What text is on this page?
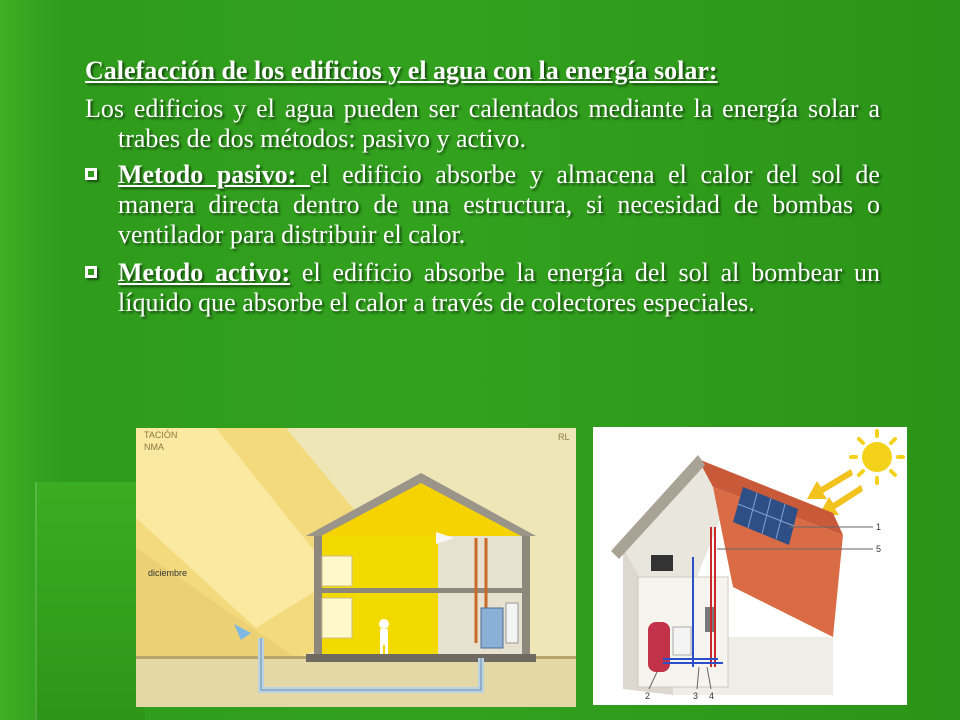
Calefacción de los edificios y el agua con la energía solar:
Los edificios y el agua pueden ser calentados mediante la energía solar a trabes de dos métodos: pasivo y activo.
Metodo pasivo: el edificio absorbe y almacena el calor del sol de manera directa dentro de una estructura, si necesidad de bombas o ventilador para distribuir el calor.
Metodo activo: el edificio absorbe la energía del sol al bombear un líquido que absorbe el calor a través de colectores especiales.
TACIÓN
NMA
RL
diciembre
1
5
2	3 4
